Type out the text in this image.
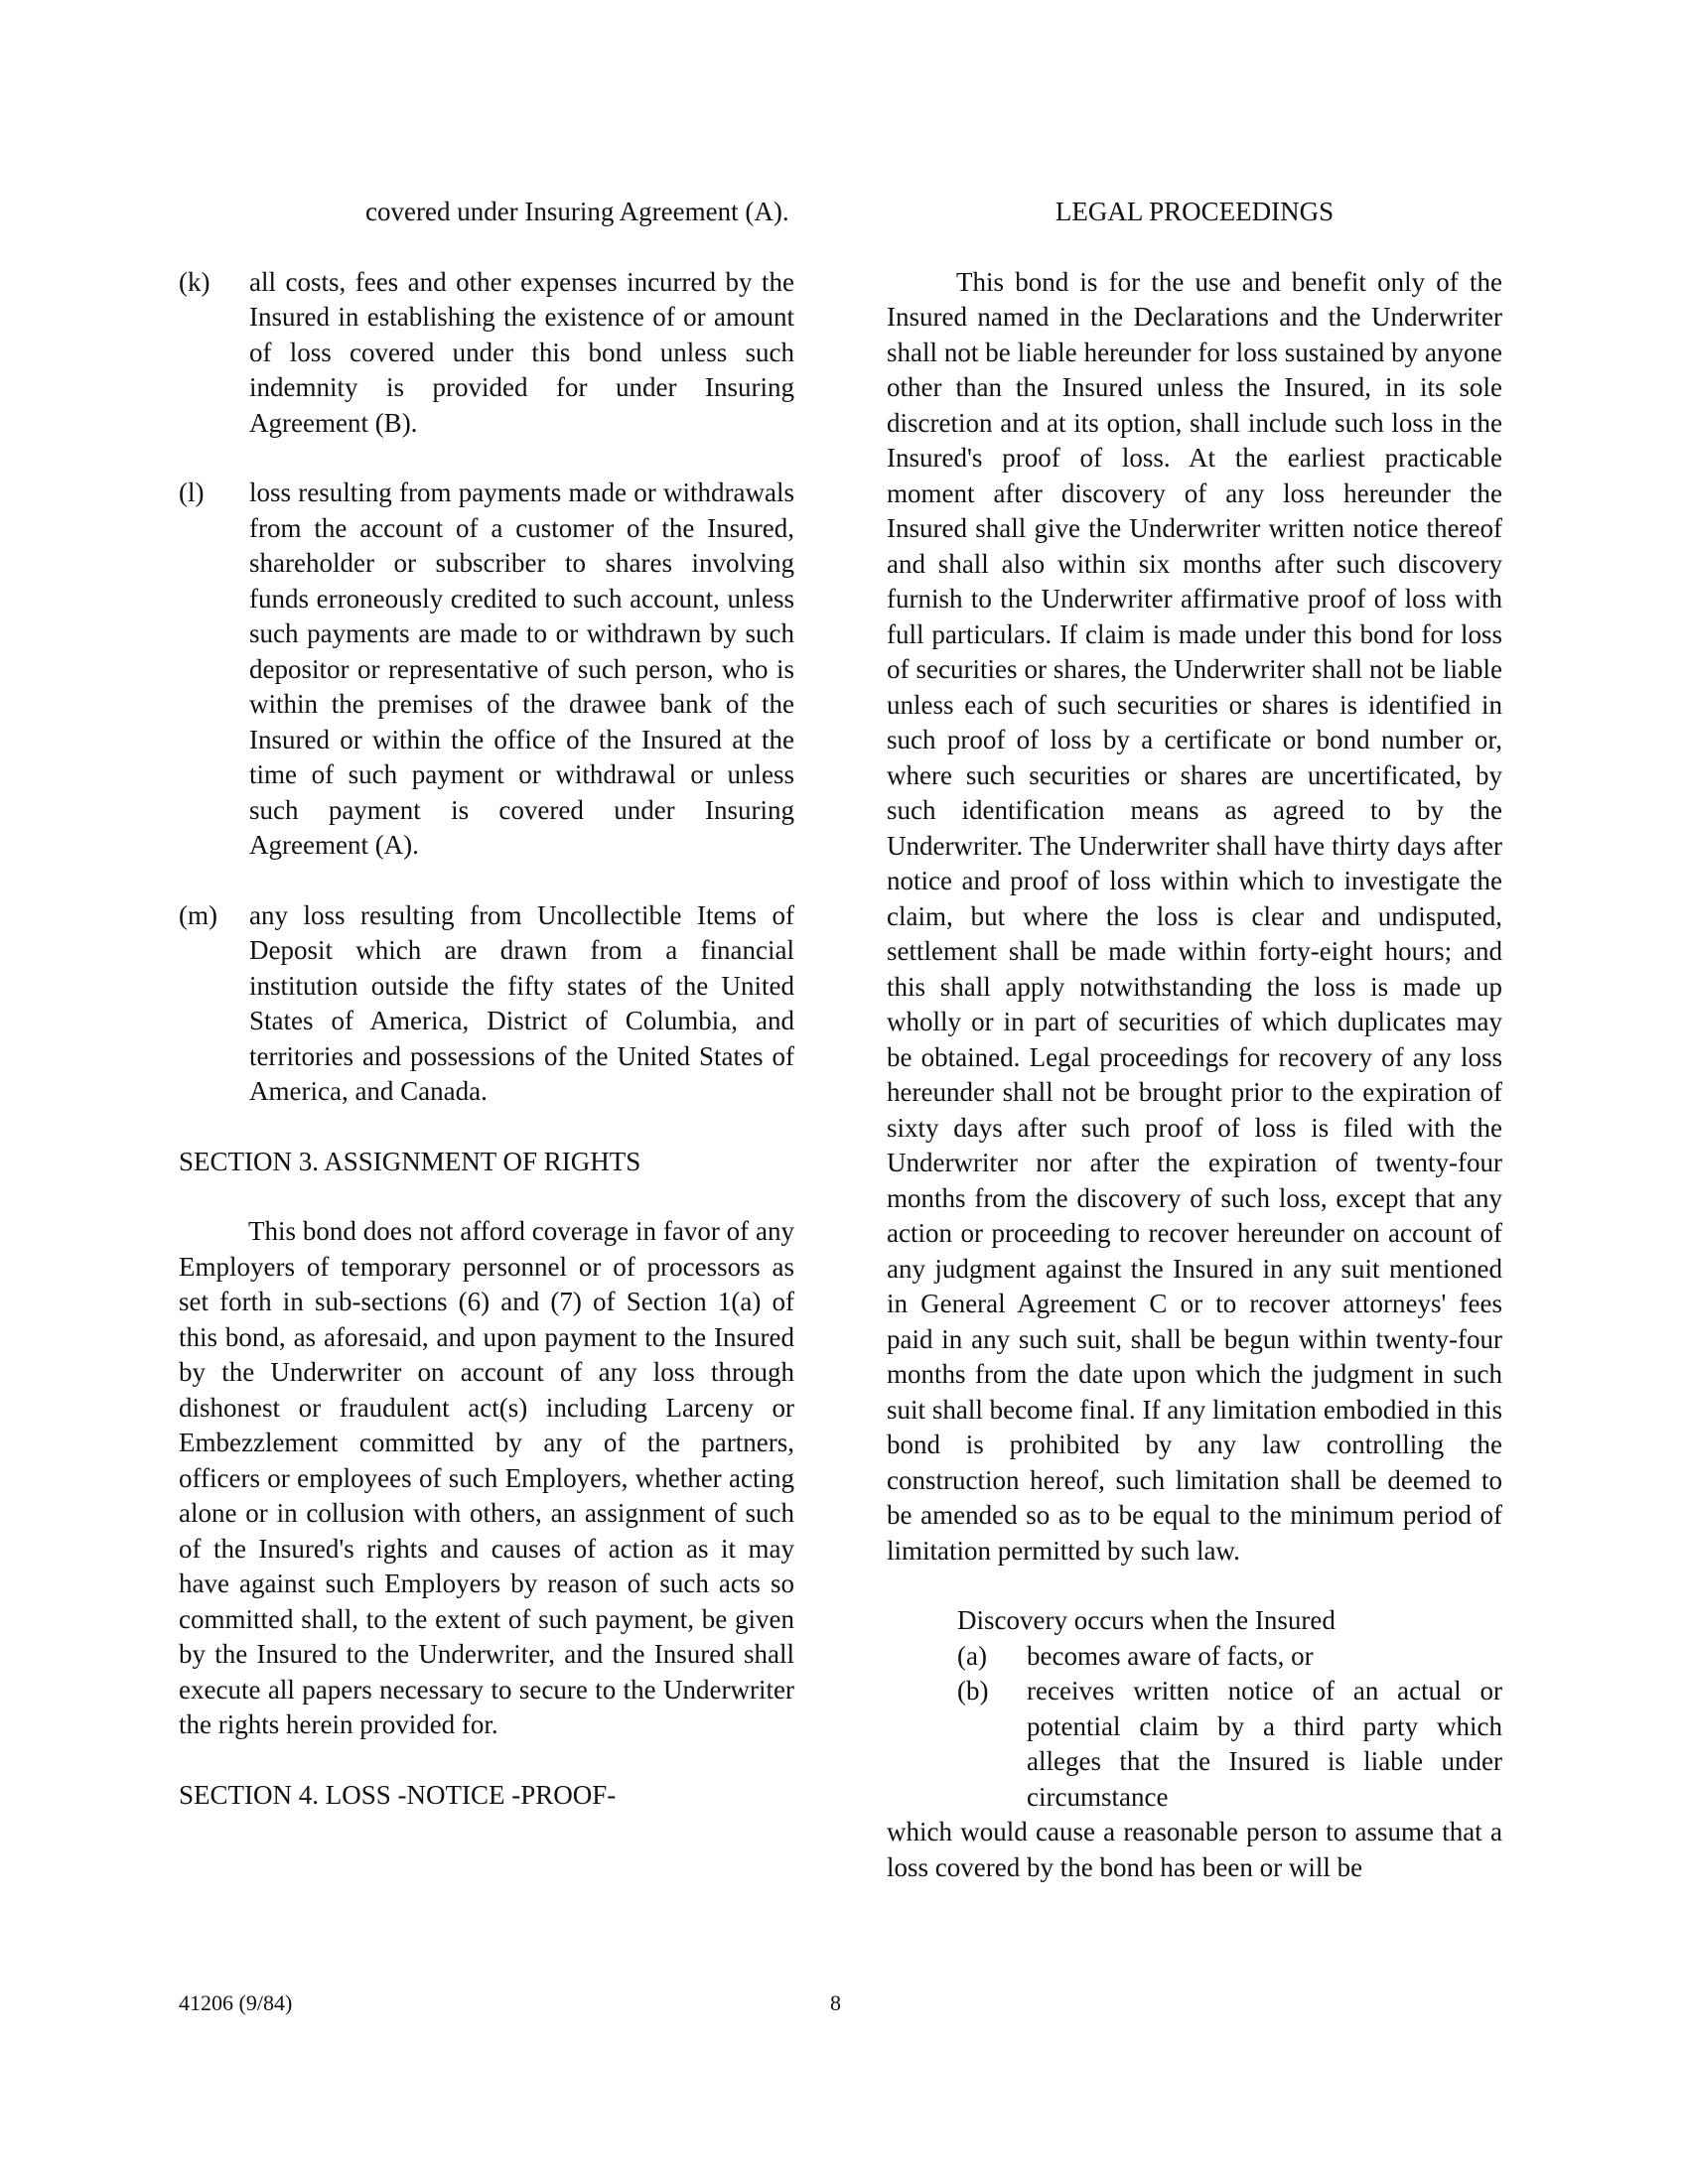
covered under Insuring Agreement (A).

(k)	all costs, fees and other expenses incurred by the Insured in establishing the existence of or amount of loss covered under this bond unless such indemnity is provided for under Insuring Agreement (B).
(l)	loss resulting from payments made or withdrawals from the account of a customer of the Insured, shareholder or subscriber to shares involving funds erroneously credited to such account, unless such payments are made to or withdrawn by such depositor or representative of such person, who is within the premises of the drawee bank of the Insured or within the office of the Insured at the time of such payment or withdrawal or unless such payment is covered under Insuring Agreement (A).
(m)	any loss resulting from Uncollectible Items of Deposit which are drawn from a financial institution outside the fifty states of the United States of America, District of Columbia, and territories and possessions of the United States of America, and Canada.

SECTION 3. ASSIGNMENT OF RIGHTS

This bond does not afford coverage in favor of any Employers of temporary personnel or of processors as set forth in sub-sections (6) and (7) of Section 1(a) of this bond, as aforesaid, and upon payment to the Insured by the Underwriter on account of any loss through dishonest or fraudulent act(s) including Larceny or Embezzlement committed by any of the partners, officers or employees of such Employers, whether acting alone or in collusion with others, an assignment of such of the Insured's rights and causes of action as it may have against such Employers by reason of such acts so committed shall, to the extent of such payment, be given by the Insured to the Underwriter, and the Insured shall execute all papers necessary to secure to the Underwriter the rights herein provided for.

SECTION 4. LOSS -NOTICE -PROOF-

LEGAL PROCEEDINGS

This bond is for the use and benefit only of the Insured named in the Declarations and the Underwriter shall not be liable hereunder for loss sustained by anyone other than the Insured unless the Insured, in its sole discretion and at its option, shall include such loss in the Insured's proof of loss. At the earliest practicable moment after discovery of any loss hereunder the Insured shall give the Underwriter written notice thereof and shall also within six months after such discovery furnish to the Underwriter affirmative proof of loss with full particulars. If claim is made under this bond for loss of securities or shares, the Underwriter shall not be liable unless each of such securities or shares is identified in such proof of loss by a certificate or bond number or, where such securities or shares are uncertificated, by such identification means as agreed to by the Underwriter. The Underwriter shall have thirty days after notice and proof of loss within which to investigate the claim, but where the loss is clear and undisputed, settlement shall be made within forty-eight hours; and this shall apply notwithstanding the loss is made up wholly or in part of securities of which duplicates may be obtained. Legal proceedings for recovery of any loss hereunder shall not be brought prior to the expiration of sixty days after such proof of loss is filed with the Underwriter nor after the expiration of twenty-four months from the discovery of such loss, except that any action or proceeding to recover hereunder on account of any judgment against the Insured in any suit mentioned in General Agreement C or to recover attorneys' fees paid in any such suit, shall be begun within twenty-four months from the date upon which the judgment in such suit shall become final. If any limitation embodied in this bond is prohibited by any law controlling the construction hereof, such limitation shall be deemed to be amended so as to be equal to the minimum period of limitation permitted by such law.

Discovery occurs when the Insured

(a)	becomes aware of facts, or
(b)	receives written notice of an actual or potential claim by a third party which alleges that the Insured is liable under circumstance

which would cause a reasonable person to assume that a loss covered by the bond has been or will be

41206 (9/84)	8
